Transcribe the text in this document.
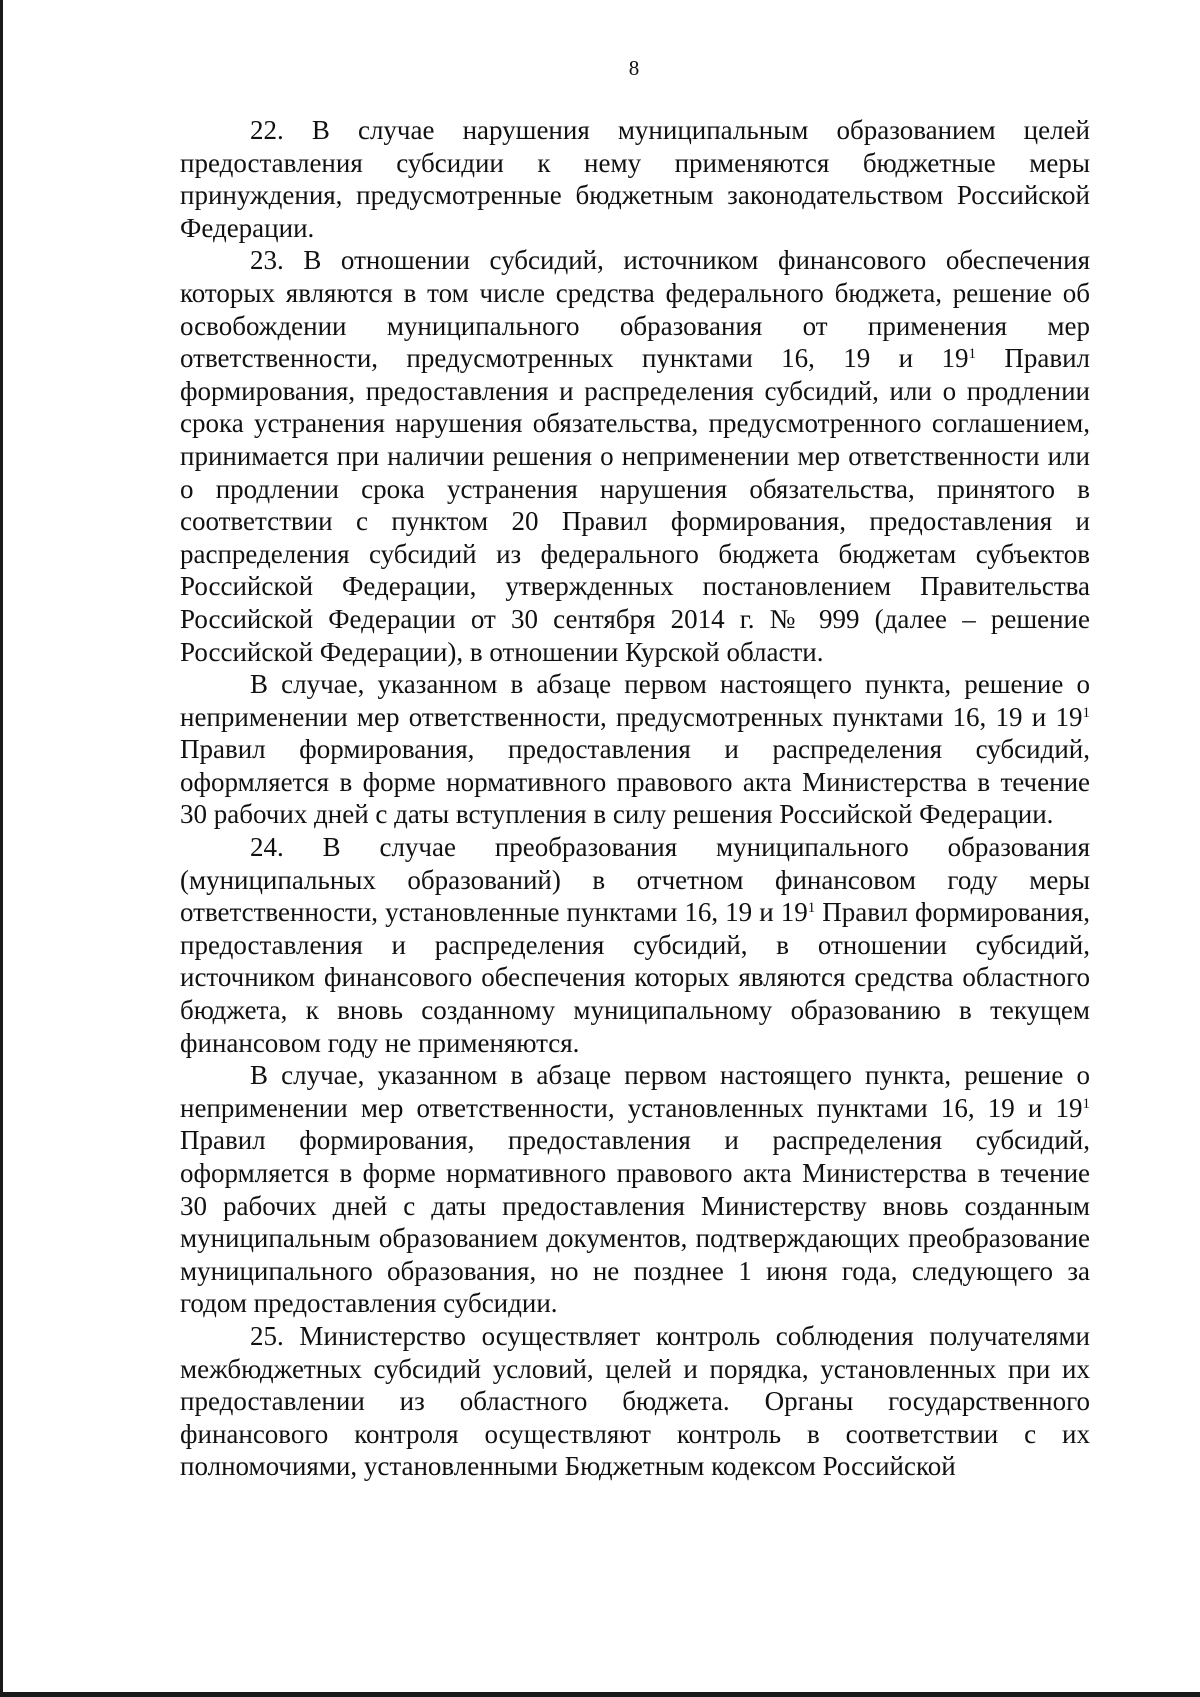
8

22. В случае нарушения муниципальным образованием целей предоставления субсидии к нему применяются бюджетные меры принуждения, предусмотренные бюджетным законодательством Российской Федерации.

23. В отношении субсидий, источником финансового обеспечения которых являются в том числе средства федерального бюджета, решение об освобождении муниципального образования от применения мер ответственности, предусмотренных пунктами 16, 19 и $19^1$ Правил формирования, предоставления и распределения субсидий, или о продлении срока устранения нарушения обязательства, предусмотренного соглашением, принимается при наличии решения о неприменении мер ответственности или о продлении срока устранения нарушения обязательства, принятого в соответствии с пунктом 20 Правил формирования, предоставления и распределения субсидий из федерального бюджета бюджетам субъектов Российской Федерации, утвержденных постановлением Правительства Российской Федерации от 30 сентября 2014 г. № 999 (далее – решение Российской Федерации), в отношении Курской области.

В случае, указанном в абзаце первом настоящего пункта, решение о неприменении мер ответственности, предусмотренных пунктами 16, 19 и $19^1$ Правил формирования, предоставления и распределения субсидий, оформляется в форме нормативного правового акта Министерства в течение 30 рабочих дней с даты вступления в силу решения Российской Федерации.

24. В случае преобразования муниципального образования (муниципальных образований) в отчетном финансовом году меры ответственности, установленные пунктами 16, 19 и $19^1$ Правил формирования, предоставления и распределения субсидий, в отношении субсидий, источником финансового обеспечения которых являются средства областного бюджета, к вновь созданному муниципальному образованию в текущем финансовом году не применяются.

В случае, указанном в абзаце первом настоящего пункта, решение о неприменении мер ответственности, установленных пунктами 16, 19 и $19^1$ Правил формирования, предоставления и распределения субсидий, оформляется в форме нормативного правового акта Министерства в течение 30 рабочих дней с даты предоставления Министерству вновь созданным муниципальным образованием документов, подтверждающих преобразование муниципального образования, но не позднее 1 июня года, следующего за годом предоставления субсидии.

25. Министерство осуществляет контроль соблюдения получателями межбюджетных субсидий условий, целей и порядка, установленных при их предоставлении из областного бюджета. Органы государственного финансового контроля осуществляют контроль в соответствии с их полномочиями, установленными Бюджетным кодексом Российской
